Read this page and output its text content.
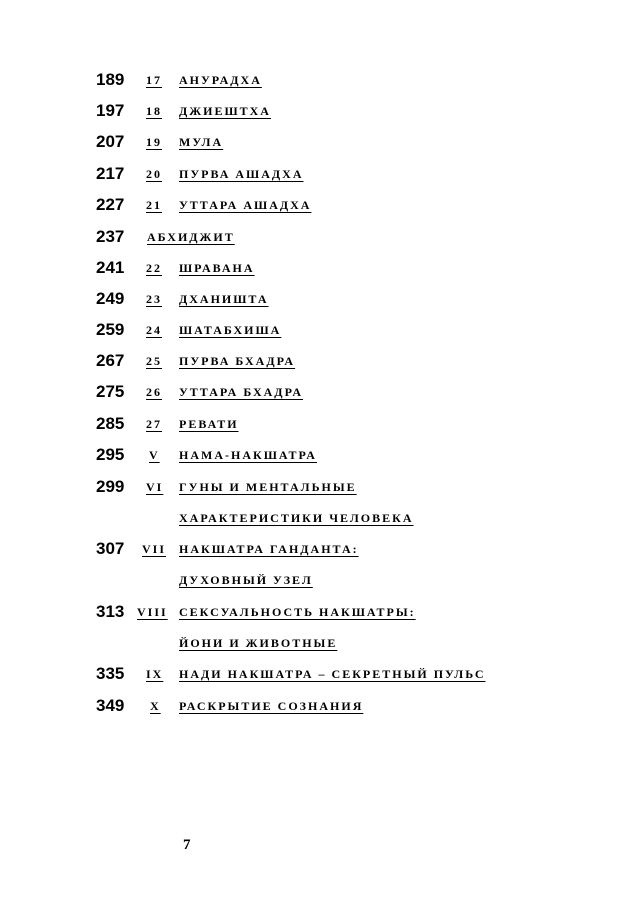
189	17 АНУРАДХА
197	18 ДЖИЕШТХА
207	19 МУЛА
217	20 ПУРВА АШАДХА
227	21 УТТАРА АШАДХА
237	АБХИДЖИТ
241	22 ШРАВАНА
249	23 ДХАНИШТА
259	24 ШАТАБХИША
267	25 ПУРВА БХАДРА
275	26 УТТАРА БХАДРА
285	27 РЕВАТИ
295	V НАМА-НАКШАТРА
299	VI ГУНЫ И МЕНТАЛЬНЫЕ
ХАРАКТЕРИСТИКИ ЧЕЛОВЕКА
307	VII НАКШАТРА ГАНДАНТА:
ДУХОВНЫЙ УЗЕЛ
313	VIII СЕКСУАЛЬНОСТЬ НАКШАТРЫ:
ЙОНИ И ЖИВОТНЫЕ
335	IX НАДИ НАКШАТРА – СЕКРЕТНЫЙ ПУЛЬС
349	X РАСКРЫТИЕ СОЗНАНИЯ
7
